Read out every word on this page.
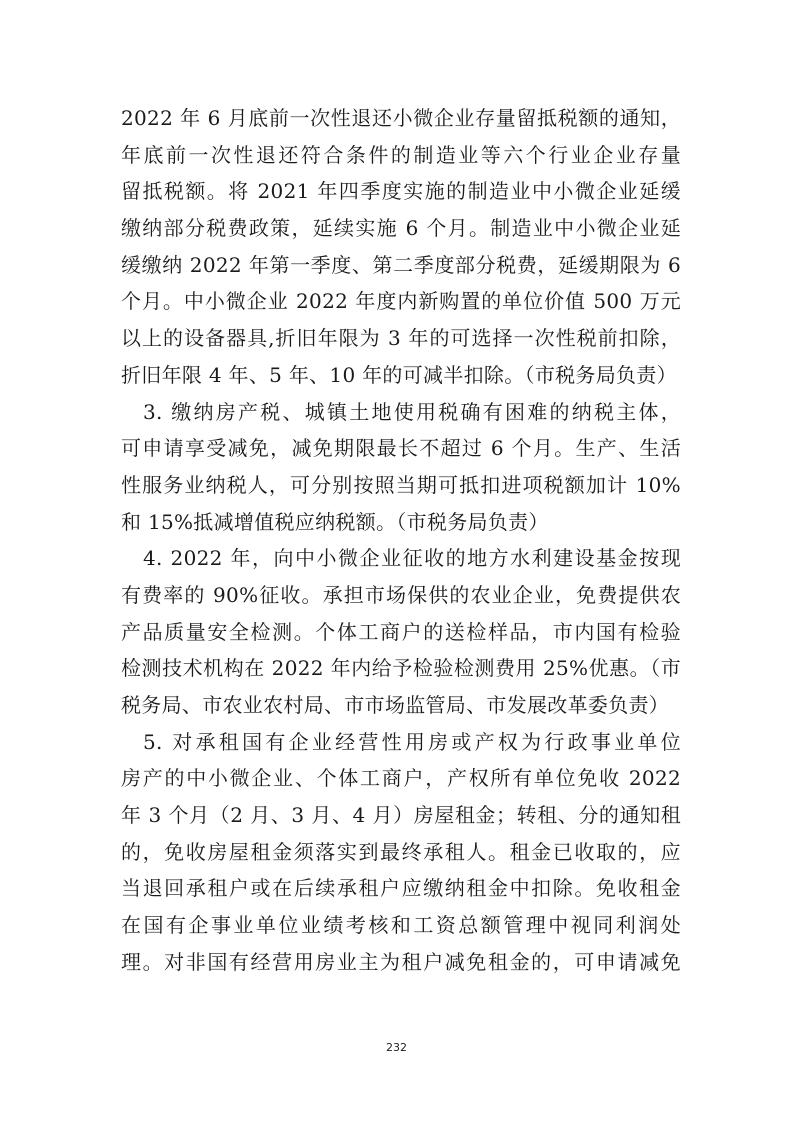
2022 年 6 月底前一次性退还小微企业存量留抵税额的通知，
年底前一次性退还符合条件的制造业等六个行业企业存量
留抵税额。将 2021 年四季度实施的制造业中小微企业延缓
缴纳部分税费政策，延续实施 6 个月。制造业中小微企业延
缓缴纳 2022 年第一季度、第二季度部分税费，延缓期限为 6
个月。中小微企业 2022 年度内新购置的单位价值 500 万元
以上的设备器具,折旧年限为 3 年的可选择一次性税前扣除，
折旧年限 4 年、5 年、10 年的可减半扣除。（市税务局负责）
3. 缴纳房产税、城镇土地使用税确有困难的纳税主体，
可申请享受减免，减免期限最长不超过 6 个月。生产、生活
性服务业纳税人，可分别按照当期可抵扣进项税额加计 10%
和 15%抵减增值税应纳税额。（市税务局负责）
4. 2022 年，向中小微企业征收的地方水利建设基金按现
有费率的 90%征收。承担市场保供的农业企业，免费提供农
产品质量安全检测。个体工商户的送检样品，市内国有检验
检测技术机构在 2022 年内给予检验检测费用 25%优惠。（市
税务局、市农业农村局、市市场监管局、市发展改革委负责）
5. 对承租国有企业经营性用房或产权为行政事业单位
房产的中小微企业、个体工商户，产权所有单位免收 2022
年 3 个月（2 月、3 月、4 月）房屋租金；转租、分的通知租
的，免收房屋租金须落实到最终承租人。租金已收取的，应
当退回承租户或在后续承租户应缴纳租金中扣除。免收租金
在国有企事业单位业绩考核和工资总额管理中视同利润处
理。对非国有经营用房业主为租户减免租金的，可申请减免
232
